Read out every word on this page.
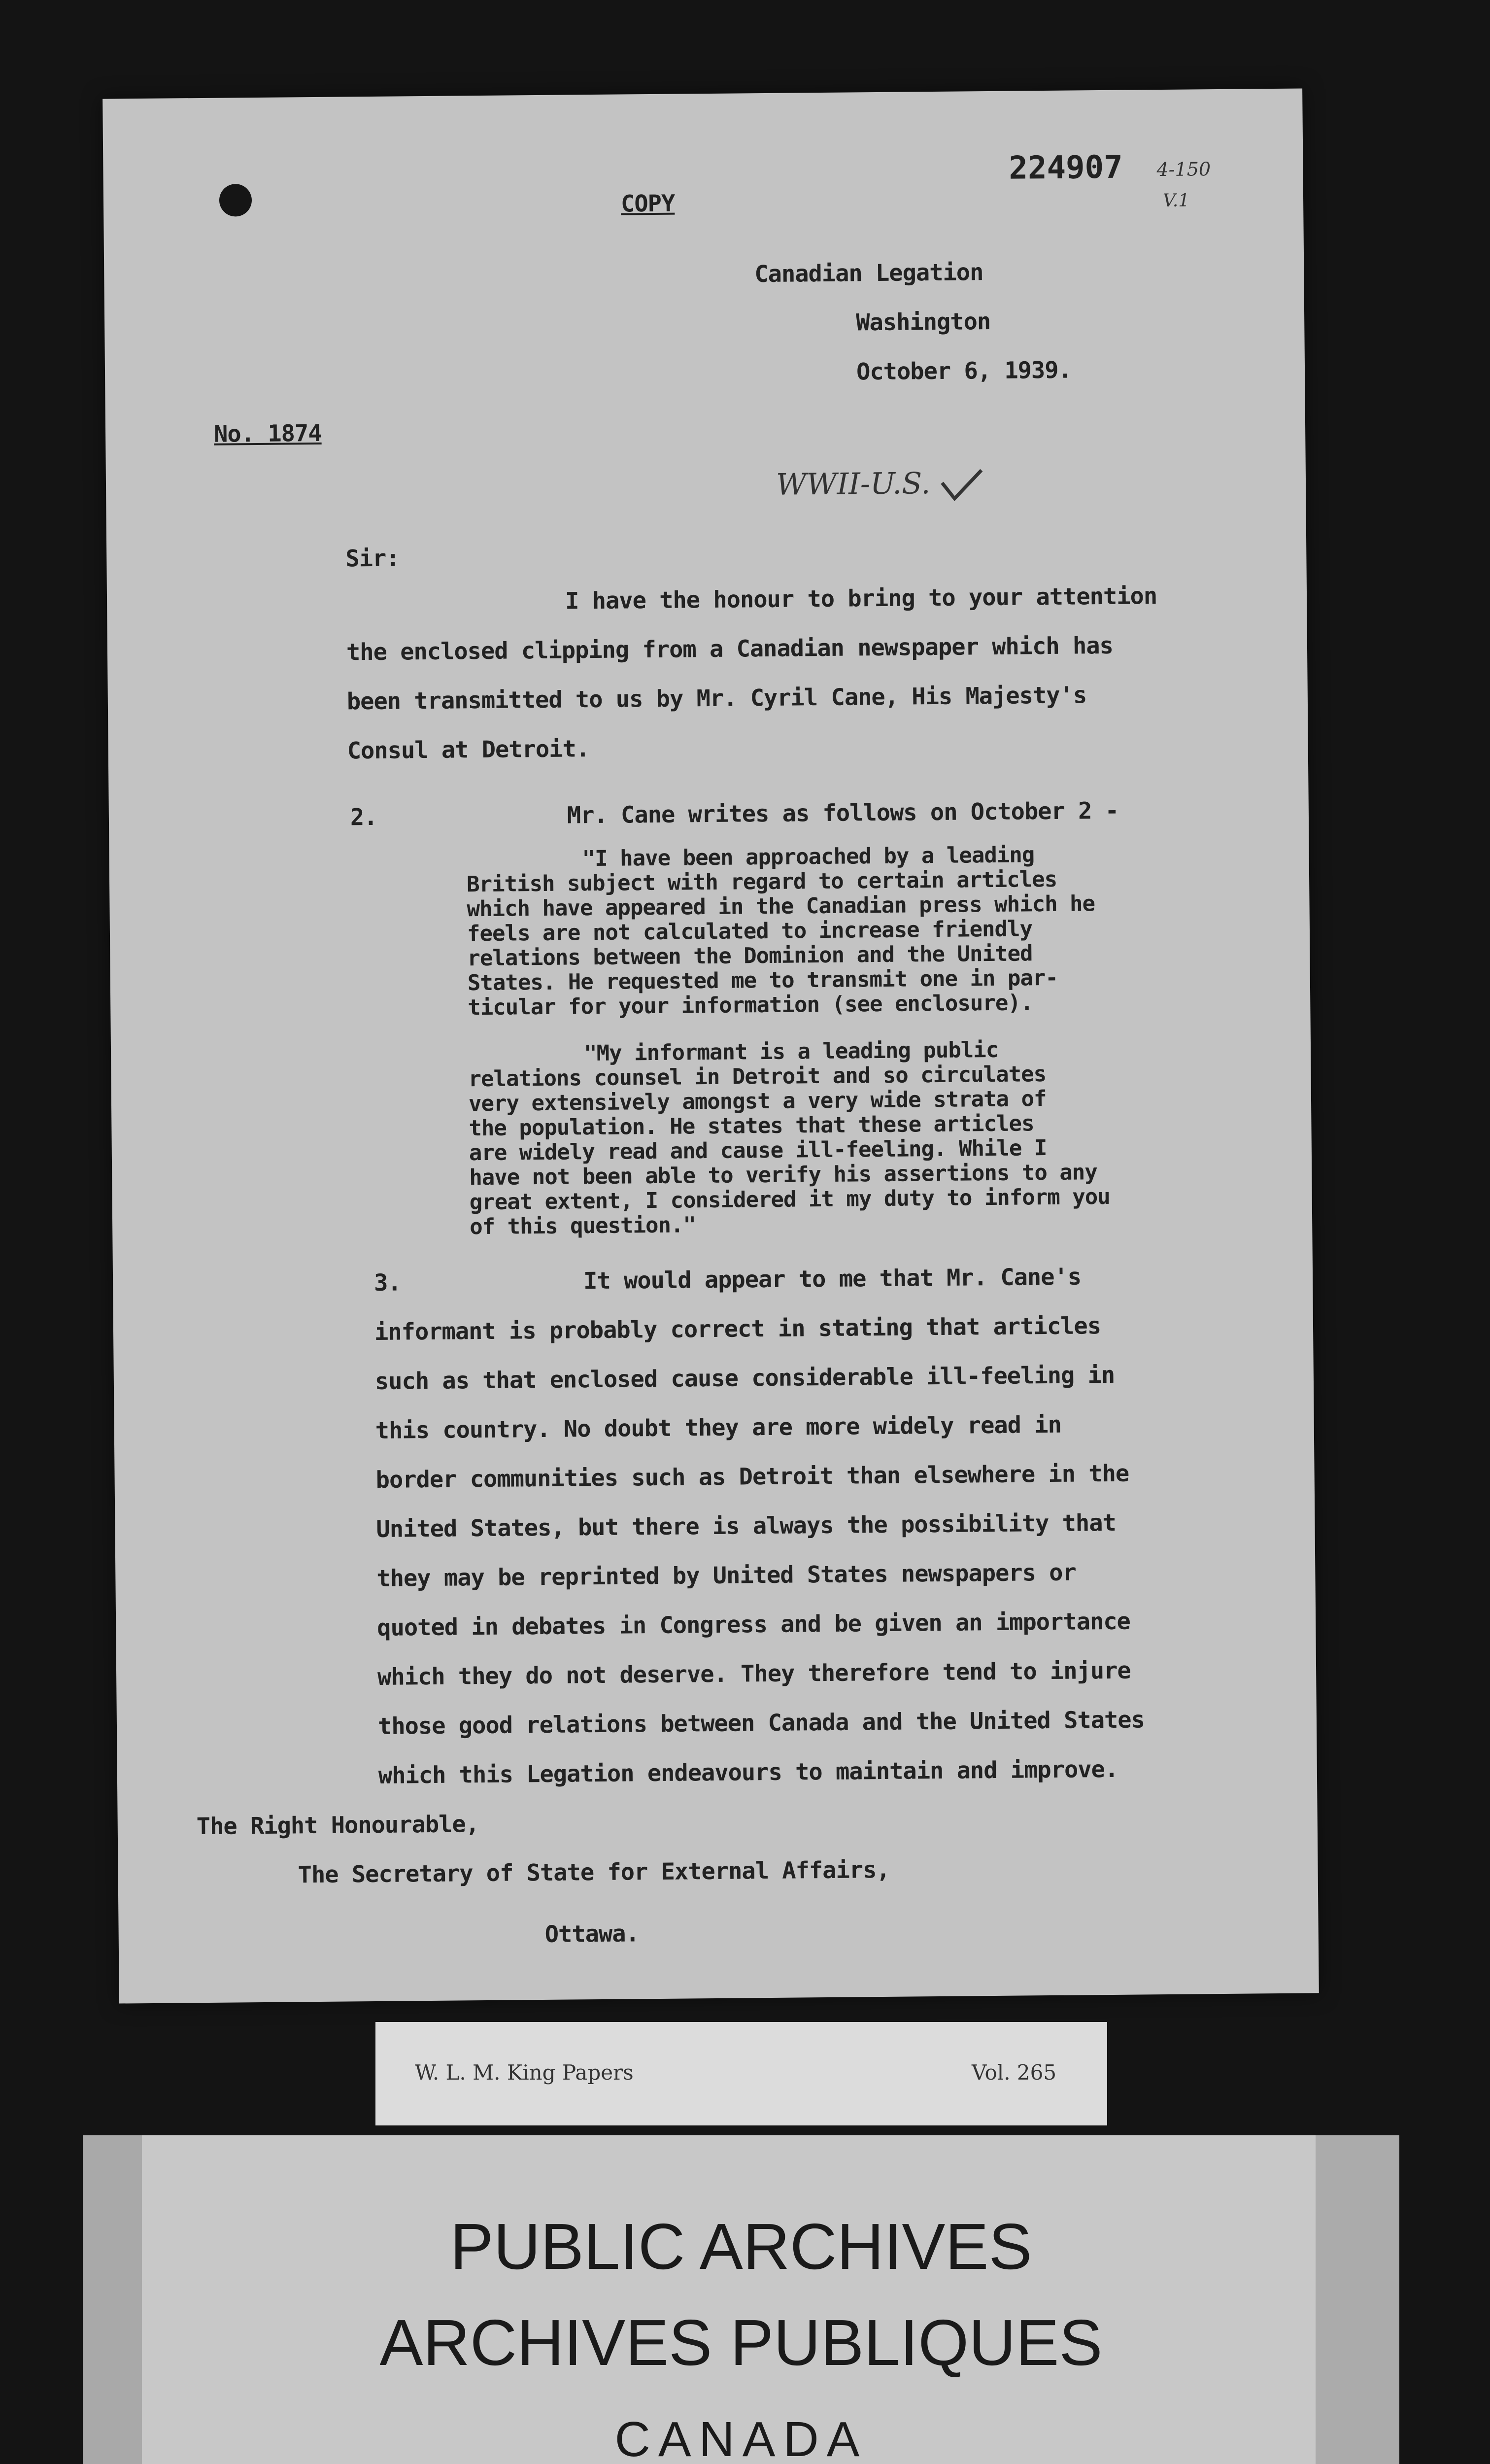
COPY
224907 4-150
V.1
Canadian Legation
Washington
October 6, 1939.
No. 1874
WWII-U.S.
Sir:
I have the honour to bring to your attention
the enclosed clipping from a Canadian newspaper which has
been transmitted to us by Mr. Cyril Cane, His Majesty's
Consul at Detroit.
2.	Mr. Cane writes as follows on October 2 -
"I have been approached by a leading
British subject with regard to certain articles
which have appeared in the Canadian press which he
feels are not calculated to increase friendly
relations between the Dominion and the United
States. He requested me to transmit one in par-
ticular for your information (see enclosure).
"My informant is a leading public
relations counsel in Detroit and so circulates
very extensively amongst a very wide strata of
the population. He states that these articles
are widely read and cause ill-feeling. While I
have not been able to verify his assertions to any
great extent, I considered it my duty to inform you
of this question."
3.	It would appear to me that Mr. Cane's
informant is probably correct in stating that articles
such as that enclosed cause considerable ill-feeling in
this country. No doubt they are more widely read in
border communities such as Detroit than elsewhere in the
United States, but there is always the possibility that
they may be reprinted by United States newspapers or
quoted in debates in Congress and be given an importance
which they do not deserve. They therefore tend to injure
those good relations between Canada and the United States
which this Legation endeavours to maintain and improve.
The Right Honourable,
The Secretary of State for External Affairs,
Ottawa.
W. L. M. King Papers	Vol. 265
PUBLIC ARCHIVES
ARCHIVES PUBLIQUES
CANADA
